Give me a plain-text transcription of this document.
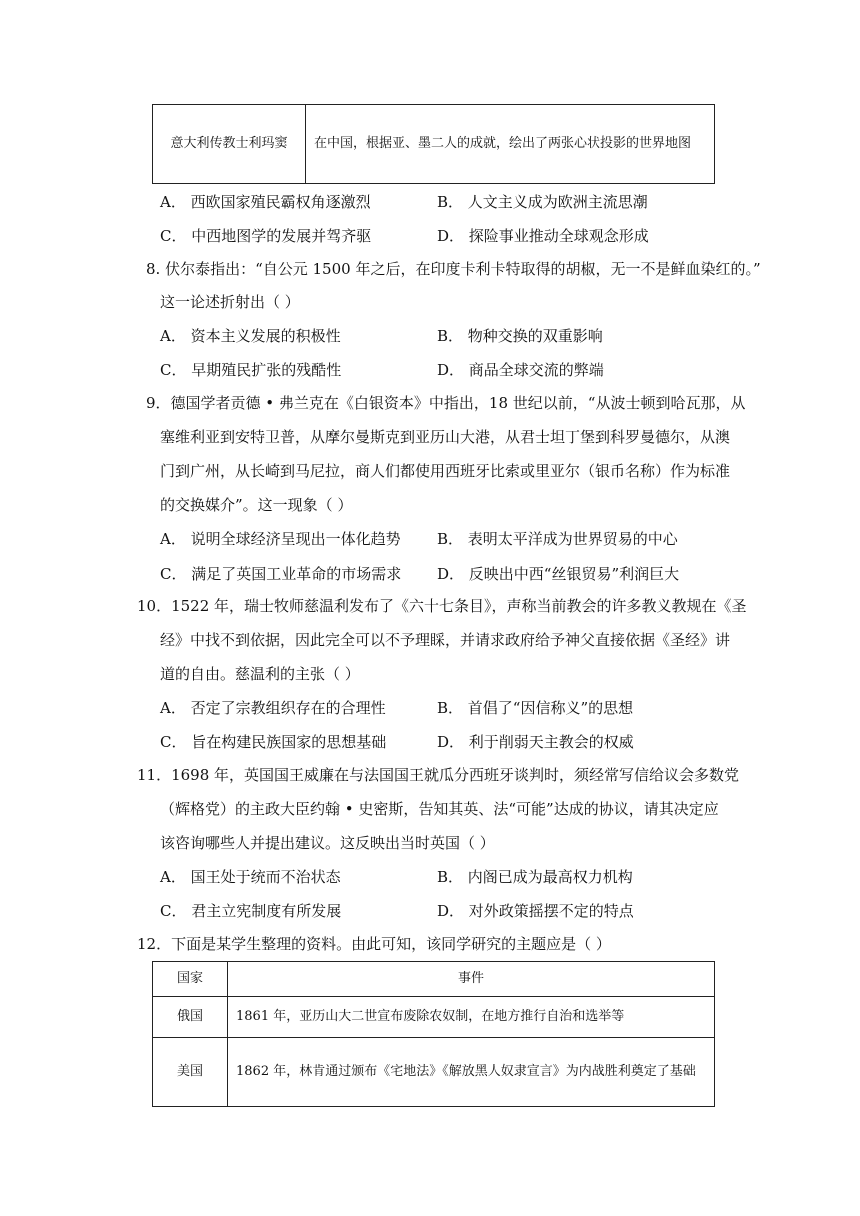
意大利传教士利玛窦	在中国，根据亚、墨二人的成就，绘出了两张心状投影的世界地图
A． 西欧国家殖民霸权角逐激烈	B． 人文主义成为欧洲主流思潮
C． 中西地图学的发展并驾齐驱	D． 探险事业推动全球观念形成
8. 伏尔泰指出：“自公元 1500 年之后，在印度卡利卡特取得的胡椒，无一不是鲜血染红的。”
这一论述折射出（ ）
A． 资本主义发展的积极性	B． 物种交换的双重影响
C． 早期殖民扩张的残酷性	D． 商品全球交流的弊端
9．德国学者贡德 • 弗兰克在《白银资本》中指出，18 世纪以前，“从波士顿到哈瓦那，从
塞维利亚到安特卫普，从摩尔曼斯克到亚历山大港，从君士坦丁堡到科罗曼德尔，从澳
门到广州，从长崎到马尼拉，商人们都使用西班牙比索或里亚尔（银币名称）作为标准
的交换媒介”。这一现象（ ）
A． 说明全球经济呈现出一体化趋势 B． 表明太平洋成为世界贸易的中心
C． 满足了英国工业革命的市场需求 D． 反映出中西“丝银贸易”利润巨大
10．1522 年，瑞士牧师慈温利发布了《六十七条目》，声称当前教会的许多教义教规在《圣
经》中找不到依据，因此完全可以不予理睬，并请求政府给予神父直接依据《圣经》讲
道的自由。慈温利的主张（ ）
A． 否定了宗教组织存在的合理性	B． 首倡了“因信称义”的思想
C． 旨在构建民族国家的思想基础	D． 利于削弱天主教会的权威
11．1698 年，英国国王威廉在与法国国王就瓜分西班牙谈判时，须经常写信给议会多数党
（辉格党）的主政大臣约翰 • 史密斯，告知其英、法“可能”达成的协议，请其决定应
该咨询哪些人并提出建议。这反映出当时英国（ ）
A． 国王处于统而不治状态	B． 内阁已成为最高权力机构
C． 君主立宪制度有所发展	D． 对外政策摇摆不定的特点
12．下面是某学生整理的资料。由此可知，该同学研究的主题应是（ ）
国家	事件
俄国	1861 年，亚历山大二世宣布废除农奴制，在地方推行自治和选举等
美国	1862 年，林肯通过颁布《宅地法》《解放黑人奴隶宣言》为内战胜利奠定了基础
